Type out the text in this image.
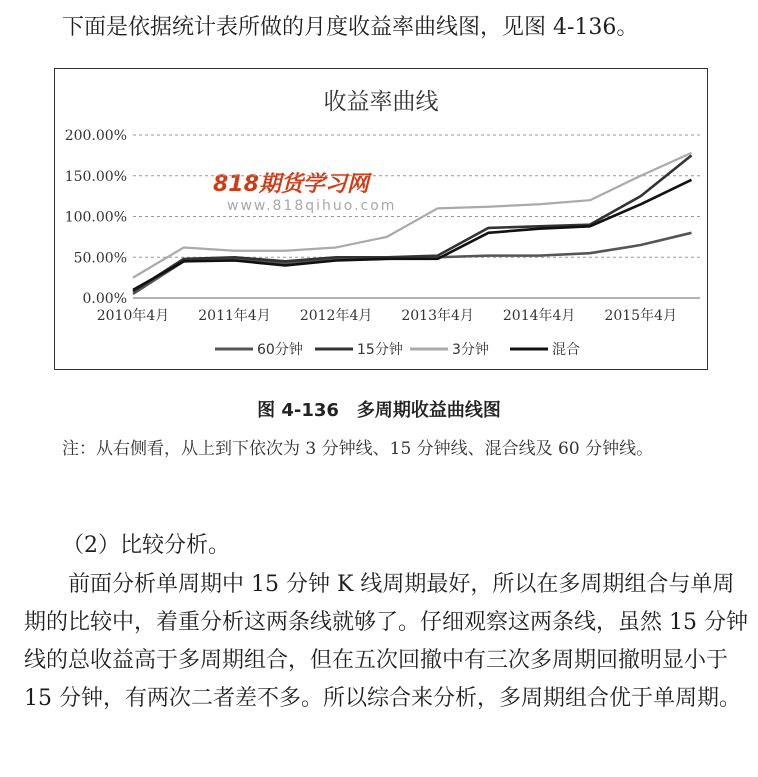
下面是依据统计表所做的月度收益率曲线图，见图 4-136。
收益率曲线
818期货学习网
www.818qihuo.com
0.00%
50.00%
100.00%
150.00%
200.00%
2010年4月 2011年4月 2012年4月 2013年4月 2014年4月 2015年4月
60分钟	15分钟	3分钟	混合
图 4-136　多周期收益曲线图
注：从右侧看，从上到下依次为 3 分钟线、15 分钟线、混合线及 60 分钟线。
（2）比较分析。
前面分析单周期中 15 分钟 K 线周期最好，所以在多周期组合与单周期的比较中，着重分析这两条线就够了。仔细观察这两条线，虽然 15 分钟线的总收益高于多周期组合，但在五次回撤中有三次多周期回撤明显小于 15 分钟，有两次二者差不多。所以综合来分析，多周期组合优于单周期。
